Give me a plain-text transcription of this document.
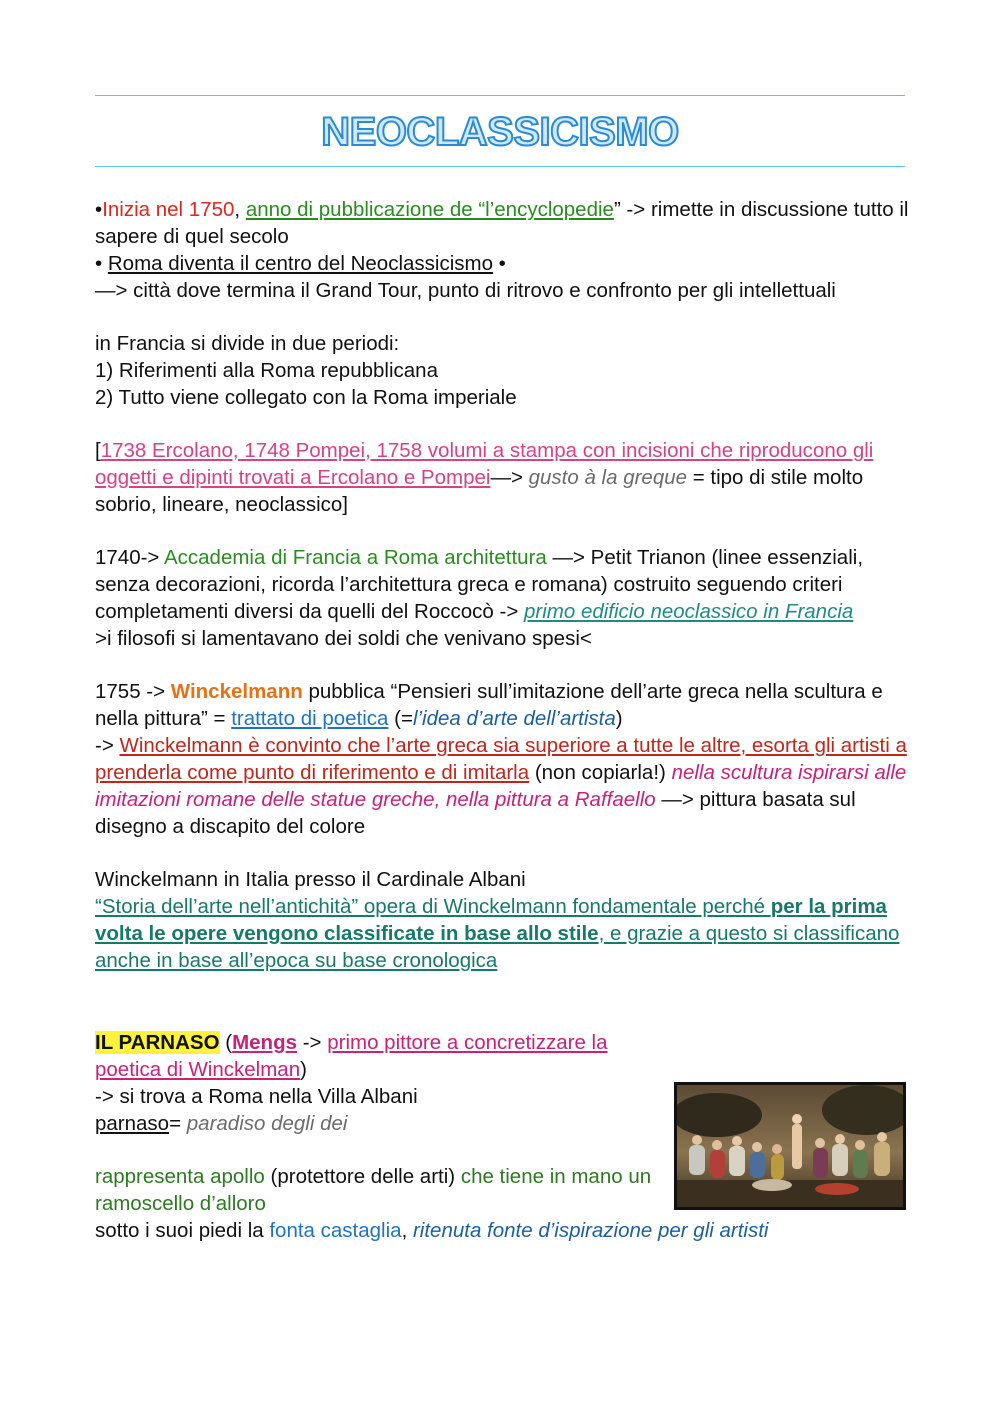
NEOCLASSICISMO

•Inizia nel 1750, anno di pubblicazione de “l’encyclopedie” -> rimette in discussione tutto il sapere di quel secolo

• Roma diventa il centro del Neoclassicismo •

—> città dove termina il Grand Tour, punto di ritrovo e confronto per gli intellettuali

in Francia si divide in due periodi:

1) Riferimenti alla Roma repubblicana

2) Tutto viene collegato con la Roma imperiale

[1738 Ercolano, 1748 Pompei, 1758 volumi a stampa con incisioni che riproducono gli oggetti e dipinti trovati a Ercolano e Pompei—> gusto à la greque = tipo di stile molto sobrio, lineare, neoclassico]

1740-> Accademia di Francia a Roma architettura —> Petit Trianon (linee essenziali, senza decorazioni, ricorda l’architettura greca e romana) costruito seguendo criteri completamenti diversi da quelli del Roccocò -> primo edificio neoclassico in Francia

>i filosofi si lamentavano dei soldi che venivano spesi<

1755 -> Winckelmann pubblica “Pensieri sull’imitazione dell’arte greca nella scultura e nella pittura” = trattato di poetica (=l’idea d’arte dell’artista)

-> Winckelmann è convinto che l’arte greca sia superiore a tutte le altre, esorta gli artisti a prenderla come punto di riferimento e di imitarla (non copiarla!) nella scultura ispirarsi alle imitazioni romane delle statue greche, nella pittura a Raffaello —> pittura basata sul disegno a discapito del colore

Winckelmann in Italia presso il Cardinale Albani

“Storia dell’arte nell’antichità” opera di Winckelmann fondamentale perché per la prima volta le opere vengono classificate in base allo stile, e grazie a questo si classificano anche in base all’epoca su base cronologica

IL PARNASO (Mengs -> primo pittore a concretizzare la poetica di Winckelman)

-> si trova a Roma nella Villa Albani

parnaso= paradiso degli dei

rappresenta apollo (protettore delle arti) che tiene in mano un ramoscello d’alloro

sotto i suoi piedi la fonta castaglia, ritenuta fonte d’ispirazione per gli artisti
